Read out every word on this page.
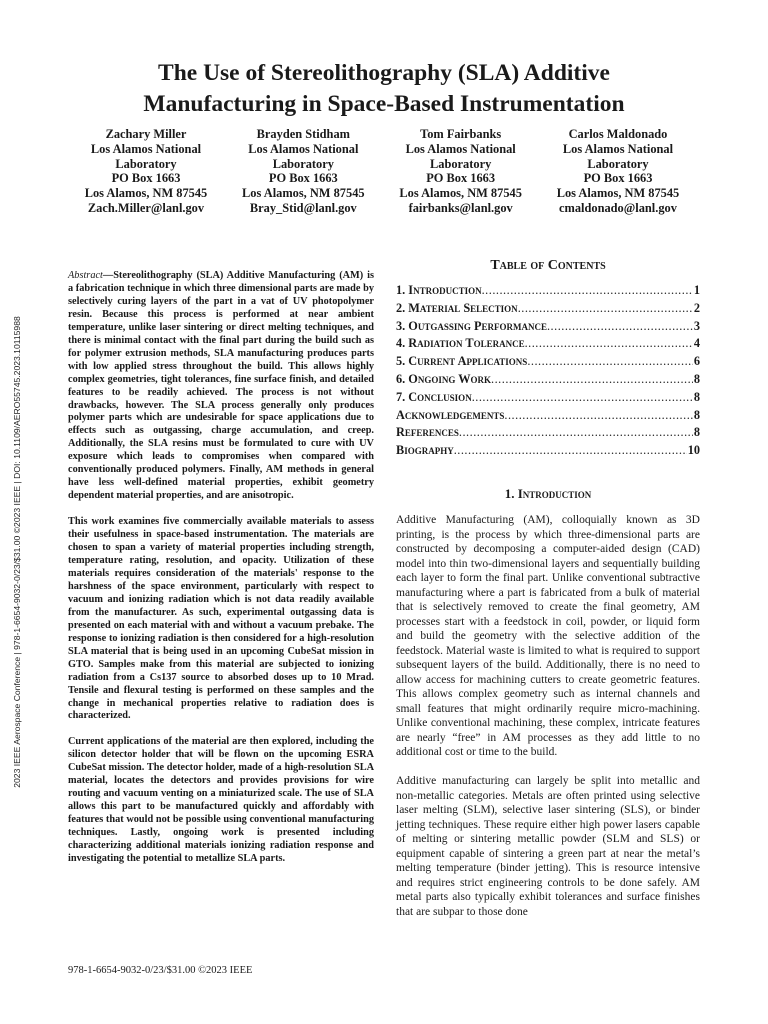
2023 IEEE Aerospace Conference | 978-1-6654-9032-0/23/$31.00 ©2023 IEEE | DOI: 10.1109/AERO55745.2023.10115988
The Use of Stereolithography (SLA) Additive
Manufacturing in Space-Based Instrumentation
Zachary Miller
Los Alamos National
Laboratory
PO Box 1663
Los Alamos, NM 87545
Zach.Miller@lanl.gov
Brayden Stidham
Los Alamos National
Laboratory
PO Box 1663
Los Alamos, NM 87545
Bray_Stid@lanl.gov
Tom Fairbanks
Los Alamos National
Laboratory
PO Box 1663
Los Alamos, NM 87545
fairbanks@lanl.gov
Carlos Maldonado
Los Alamos National
Laboratory
PO Box 1663
Los Alamos, NM 87545
cmaldonado@lanl.gov

Abstract—Stereolithography (SLA) Additive Manufacturing (AM) is a fabrication technique in which three dimensional parts are made by selectively curing layers of the part in a vat of UV photopolymer resin. Because this process is performed at near ambient temperature, unlike laser sintering or direct melting techniques, and there is minimal contact with the final part during the build such as for polymer extrusion methods, SLA manufacturing produces parts with low applied stress throughout the build. This allows highly complex geometries, tight tolerances, fine surface finish, and detailed features to be readily achieved. The process is not without drawbacks, however. The SLA process generally only produces polymer parts which are undesirable for space applications due to effects such as outgassing, charge accumulation, and creep. Additionally, the SLA resins must be formulated to cure with UV exposure which leads to compromises when compared with conventionally produced polymers. Finally, AM methods in general have less well-defined material properties, exhibit geometry dependent material properties, and are anisotropic.

This work examines five commercially available materials to assess their usefulness in space-based instrumentation. The materials are chosen to span a variety of material properties including strength, temperature rating, resolution, and opacity. Utilization of these materials requires consideration of the materials' response to the harshness of the space environment, particularly with respect to vacuum and ionizing radiation which is not data readily available from the manufacturer. As such, experimental outgassing data is presented on each material with and without a vacuum prebake. The response to ionizing radiation is then considered for a high-resolution SLA material that is being used in an upcoming CubeSat mission in GTO. Samples make from this material are subjected to ionizing radiation from a Cs137 source to absorbed doses up to 10 Mrad. Tensile and flexural testing is performed on these samples and the change in mechanical properties relative to radiation does is characterized.

Current applications of the material are then explored, including the silicon detector holder that will be flown on the upcoming ESRA CubeSat mission. The detector holder, made of a high-resolution SLA material, locates the detectors and provides provisions for wire routing and vacuum venting on a miniaturized scale. The use of SLA allows this part to be manufactured quickly and affordably with features that would not be possible using conventional manufacturing techniques. Lastly, ongoing work is presented including characterizing additional materials ionizing radiation response and investigating the potential to metallize SLA parts.

Table of Contents
1. Introduction .....	1
2. Material Selection .....	2
3. Outgassing Performance .....	3
4. Radiation Tolerance .....	4
5. Current Applications .....	6
6. Ongoing Work .....	8
7. Conclusion .....	8
Acknowledgements .....	8
References .....	8
Biography .....	10
1. Introduction

Additive Manufacturing (AM), colloquially known as 3D printing, is the process by which three-dimensional parts are constructed by decomposing a computer-aided design (CAD) model into thin two-dimensional layers and sequentially building each layer to form the final part. Unlike conventional subtractive manufacturing where a part is fabricated from a bulk of material that is selectively removed to create the final geometry, AM processes start with a feedstock in coil, powder, or liquid form and build the geometry with the selective addition of the feedstock. Material waste is limited to what is required to support subsequent layers of the build. Additionally, there is no need to allow access for machining cutters to create geometric features. This allows complex geometry such as internal channels and small features that might ordinarily require micro-machining. Unlike conventional machining, these complex, intricate features are nearly “free” in AM processes as they add little to no additional cost or time to the build.

Additive manufacturing can largely be split into metallic and non-metallic categories. Metals are often printed using selective laser melting (SLM), selective laser sintering (SLS), or binder jetting techniques. These require either high power lasers capable of melting or sintering metallic powder (SLM and SLS) or equipment capable of sintering a green part at near the metal’s melting temperature (binder jetting). This is resource intensive and requires strict engineering controls to be done safely. AM metal parts also typically exhibit tolerances and surface finishes that are subpar to those done

978-1-6654-9032-0/23/$31.00 ©2023 IEEE
